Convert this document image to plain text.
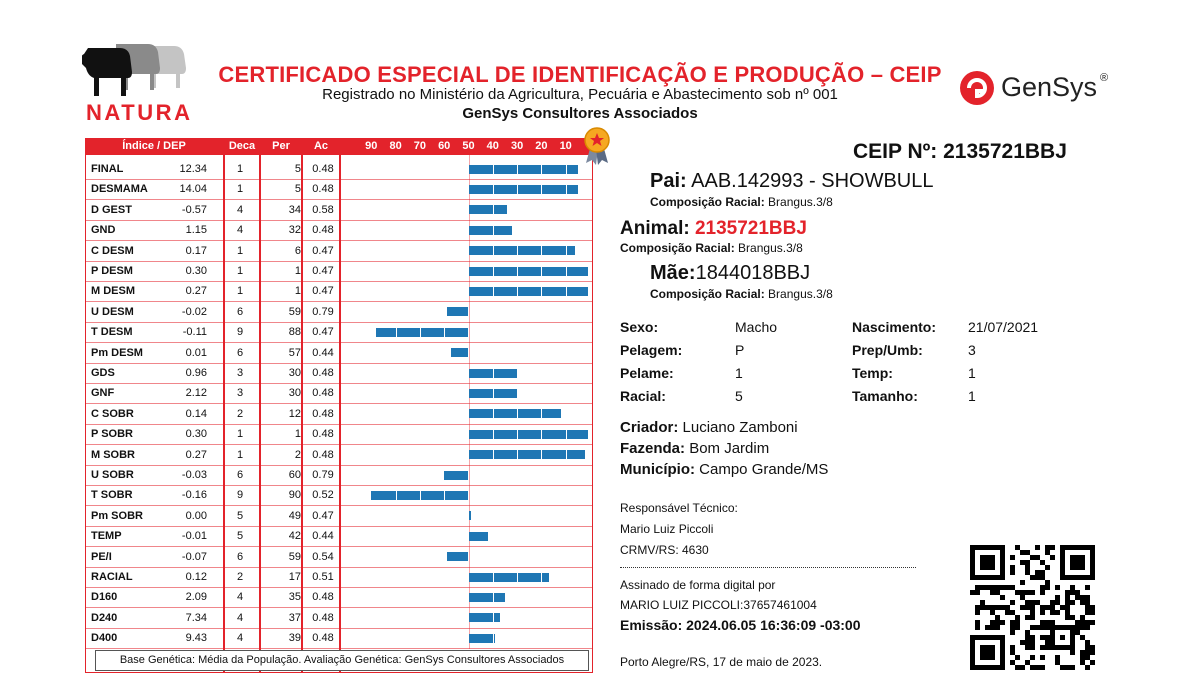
NATURA
CERTIFICADO ESPECIAL DE IDENTIFICAÇÃO E PRODUÇÃO – CEIP
Registrado no Ministério da Agricultura, Pecuária e Abastecimento sob nº 001
GenSys Consultores Associados
GenSys ®
Índice / DEP	Deca	Per	Ac	90	80	70	60	50	40	30	20	10
FINAL	12.34	1	5	0.48
DESMAMA	14.04	1	5	0.48
D GEST	-0.57	4	34	0.58
GND	1.15	4	32	0.48
C DESM	0.17	1	6	0.47
P DESM	0.30	1	1	0.47
M DESM	0.27	1	1	0.47
U DESM	-0.02	6	59	0.79
T DESM	-0.11	9	88	0.47
Pm DESM	0.01	6	57	0.44
GDS	0.96	3	30	0.48
GNF	2.12	3	30	0.48
C SOBR	0.14	2	12	0.48
P SOBR	0.30	1	1	0.48
M SOBR	0.27	1	2	0.48
U SOBR	-0.03	6	60	0.79
T SOBR	-0.16	9	90	0.52
Pm SOBR	0.00	5	49	0.47
TEMP	-0.01	5	42	0.44
PE/I	-0.07	6	59	0.54
RACIAL	0.12	2	17	0.51
D160	2.09	4	35	0.48
D240	7.34	4	37	0.48
D400	9.43	4	39	0.48
Base Genética: Média da População. Avaliação Genética: GenSys Consultores Associados
CEIP Nº: 2135721BBJ
Pai: AAB.142993 - SHOWBULL
Composição Racial: Brangus.3/8
Animal: 2135721BBJ
Composição Racial: Brangus.3/8
Mãe:1844018BBJ
Composição Racial: Brangus.3/8
Sexo:	Macho
Pelagem:	P
Pelame:	1
Racial:	5
Nascimento: 21/07/2021
Prep/Umb:	3
Temp:	1
Tamanho:	1
Criador: Luciano Zamboni
Fazenda: Bom Jardim
Município: Campo Grande/MS
Responsável Técnico:
Mario Luiz Piccoli
CRMV/RS: 4630
Assinado de forma digital por
MARIO LUIZ PICCOLI:37657461004
Emissão: 2024.06.05 16:36:09 -03:00
Porto Alegre/RS, 17 de maio de 2023.
